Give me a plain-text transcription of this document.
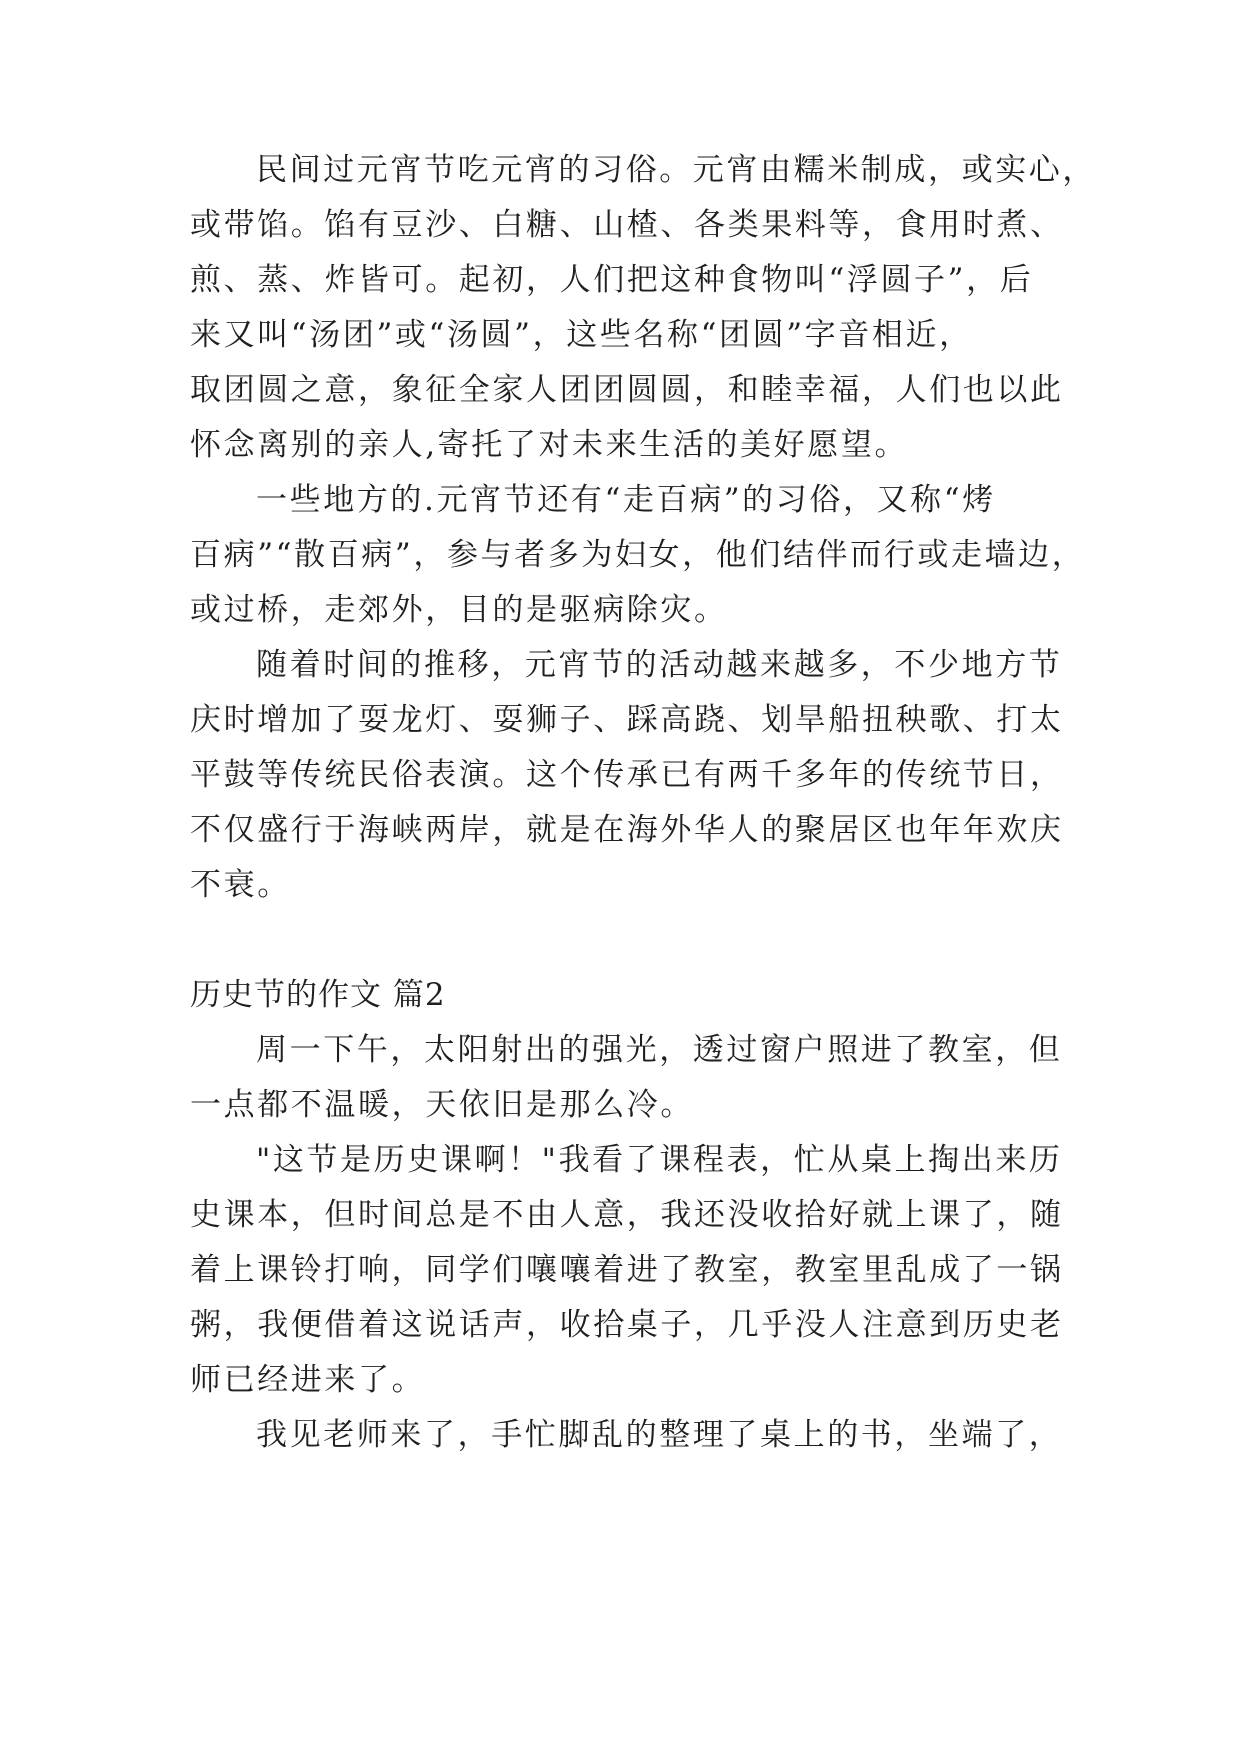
民间过元宵节吃元宵的习俗。元宵由糯米制成，或实心，
或带馅。馅有豆沙、白糖、山楂、各类果料等，食用时煮、
煎、蒸、炸皆可。起初，人们把这种食物叫“浮圆子”，后
来又叫“汤团”或“汤圆”，这些名称“团圆”字音相近，
取团圆之意，象征全家人团团圆圆，和睦幸福，人们也以此
怀念离别的亲人,寄托了对未来生活的美好愿望。
一些地方的.元宵节还有“走百病”的习俗，又称“烤
百病”“散百病”，参与者多为妇女，他们结伴而行或走墙边，
或过桥，走郊外，目的是驱病除灾。
随着时间的推移，元宵节的活动越来越多，不少地方节
庆时增加了耍龙灯、耍狮子、踩高跷、划旱船扭秧歌、打太
平鼓等传统民俗表演。这个传承已有两千多年的传统节日，
不仅盛行于海峡两岸，就是在海外华人的聚居区也年年欢庆
不衰。
历史节的作文 篇2
周一下午，太阳射出的强光，透过窗户照进了教室，但
一点都不温暖，天依旧是那么冷。
"这节是历史课啊！"我看了课程表，忙从桌上掏出来历
史课本，但时间总是不由人意，我还没收拾好就上课了，随
着上课铃打响，同学们嚷嚷着进了教室，教室里乱成了一锅
粥，我便借着这说话声，收拾桌子，几乎没人注意到历史老
师已经进来了。
我见老师来了，手忙脚乱的整理了桌上的书，坐端了，
